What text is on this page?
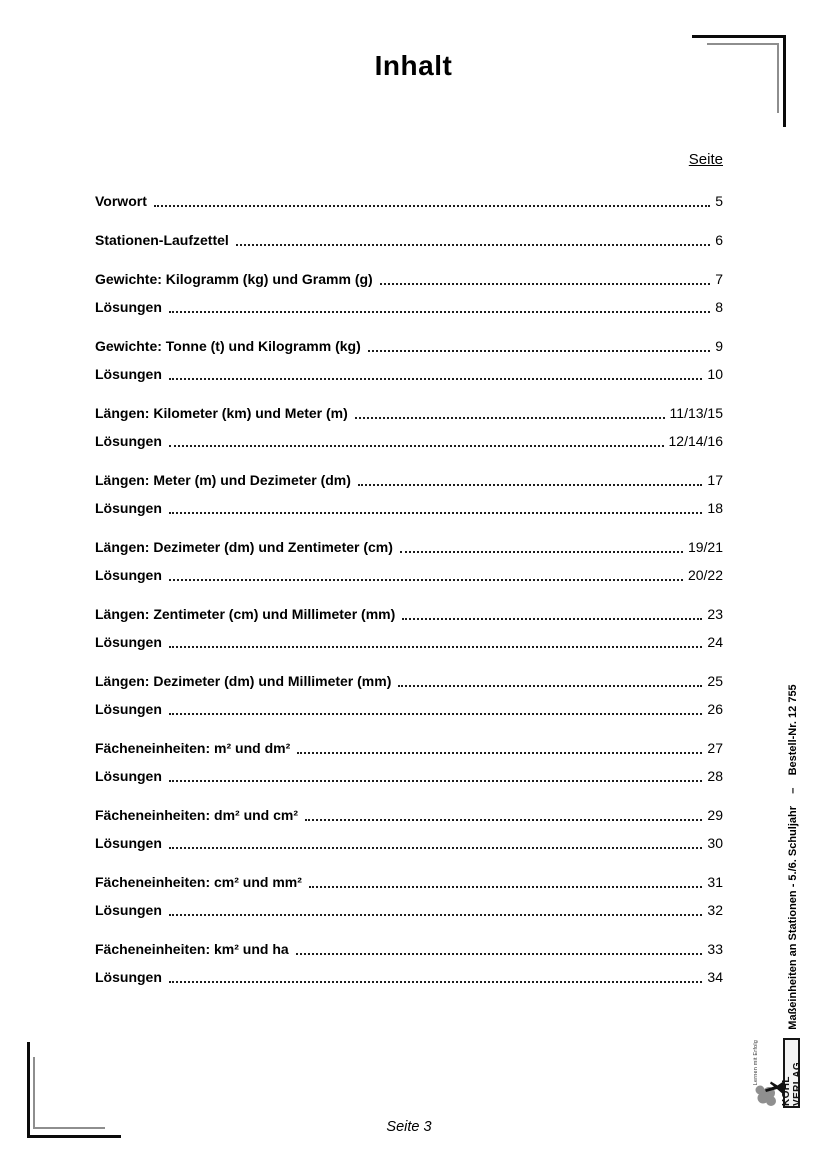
Inhalt
Seite
Vorwort	5
Stationen-Laufzettel	6
Gewichte: Kilogramm (kg) und Gramm (g)	7
Lösungen	8
Gewichte: Tonne (t) und Kilogramm (kg)	9
Lösungen	10
Längen: Kilometer (km) und Meter (m)	11/13/15
Lösungen	12/14/16
Längen: Meter (m) und Dezimeter (dm)	17
Lösungen	18
Längen: Dezimeter (dm) und Zentimeter (cm)	19/21
Lösungen	20/22
Längen: Zentimeter (cm) und Millimeter (mm)	23
Lösungen	24
Längen: Dezimeter (dm) und Millimeter (mm)	25
Lösungen	26
Fächeneinheiten: m² und dm²	27
Lösungen	28
Fächeneinheiten: dm² und cm²	29
Lösungen	30
Fächeneinheiten: cm² und mm²	31
Lösungen	32
Fächeneinheiten: km² und ha	33
Lösungen	34	Maßeinheiten an Stationen - 5./6. Schuljahr    –    Bestell-Nr. 12 755
Lernen mit Erfolg
KOHL VERLAG
Seite 3
